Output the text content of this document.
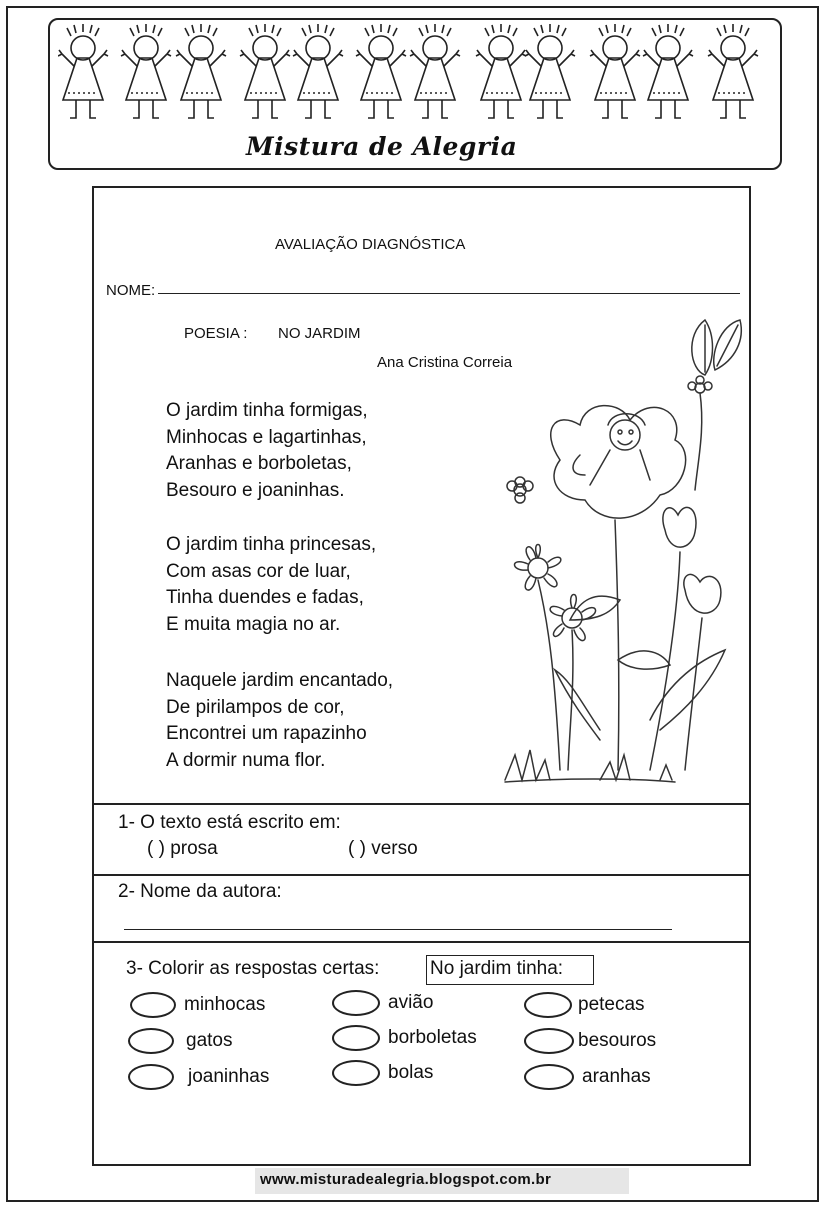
Mistura de Alegria
AVALIAÇÃO DIAGNÓSTICA
NOME:
POESIA : NO JARDIM
Ana Cristina Correia
O jardim tinha formigas,
Minhocas e lagartinhas,
Aranhas e borboletas,
Besouro e joaninhas.
O jardim tinha princesas,
Com asas cor de luar,
Tinha duendes e fadas,
E muita magia no ar.
Naquele jardim encantado,
De pirilampos de cor,
Encontrei um rapazinho
A dormir numa flor.
1- O texto está escrito em:
( ) prosa	( ) verso
2- Nome da autora:
3- Colorir as respostas certas:	No jardim tinha:
minhocas
gatos
joaninhas
avião
borboletas
bolas
petecas
besouros
aranhas
www.misturadealegria.blogspot.com.br
